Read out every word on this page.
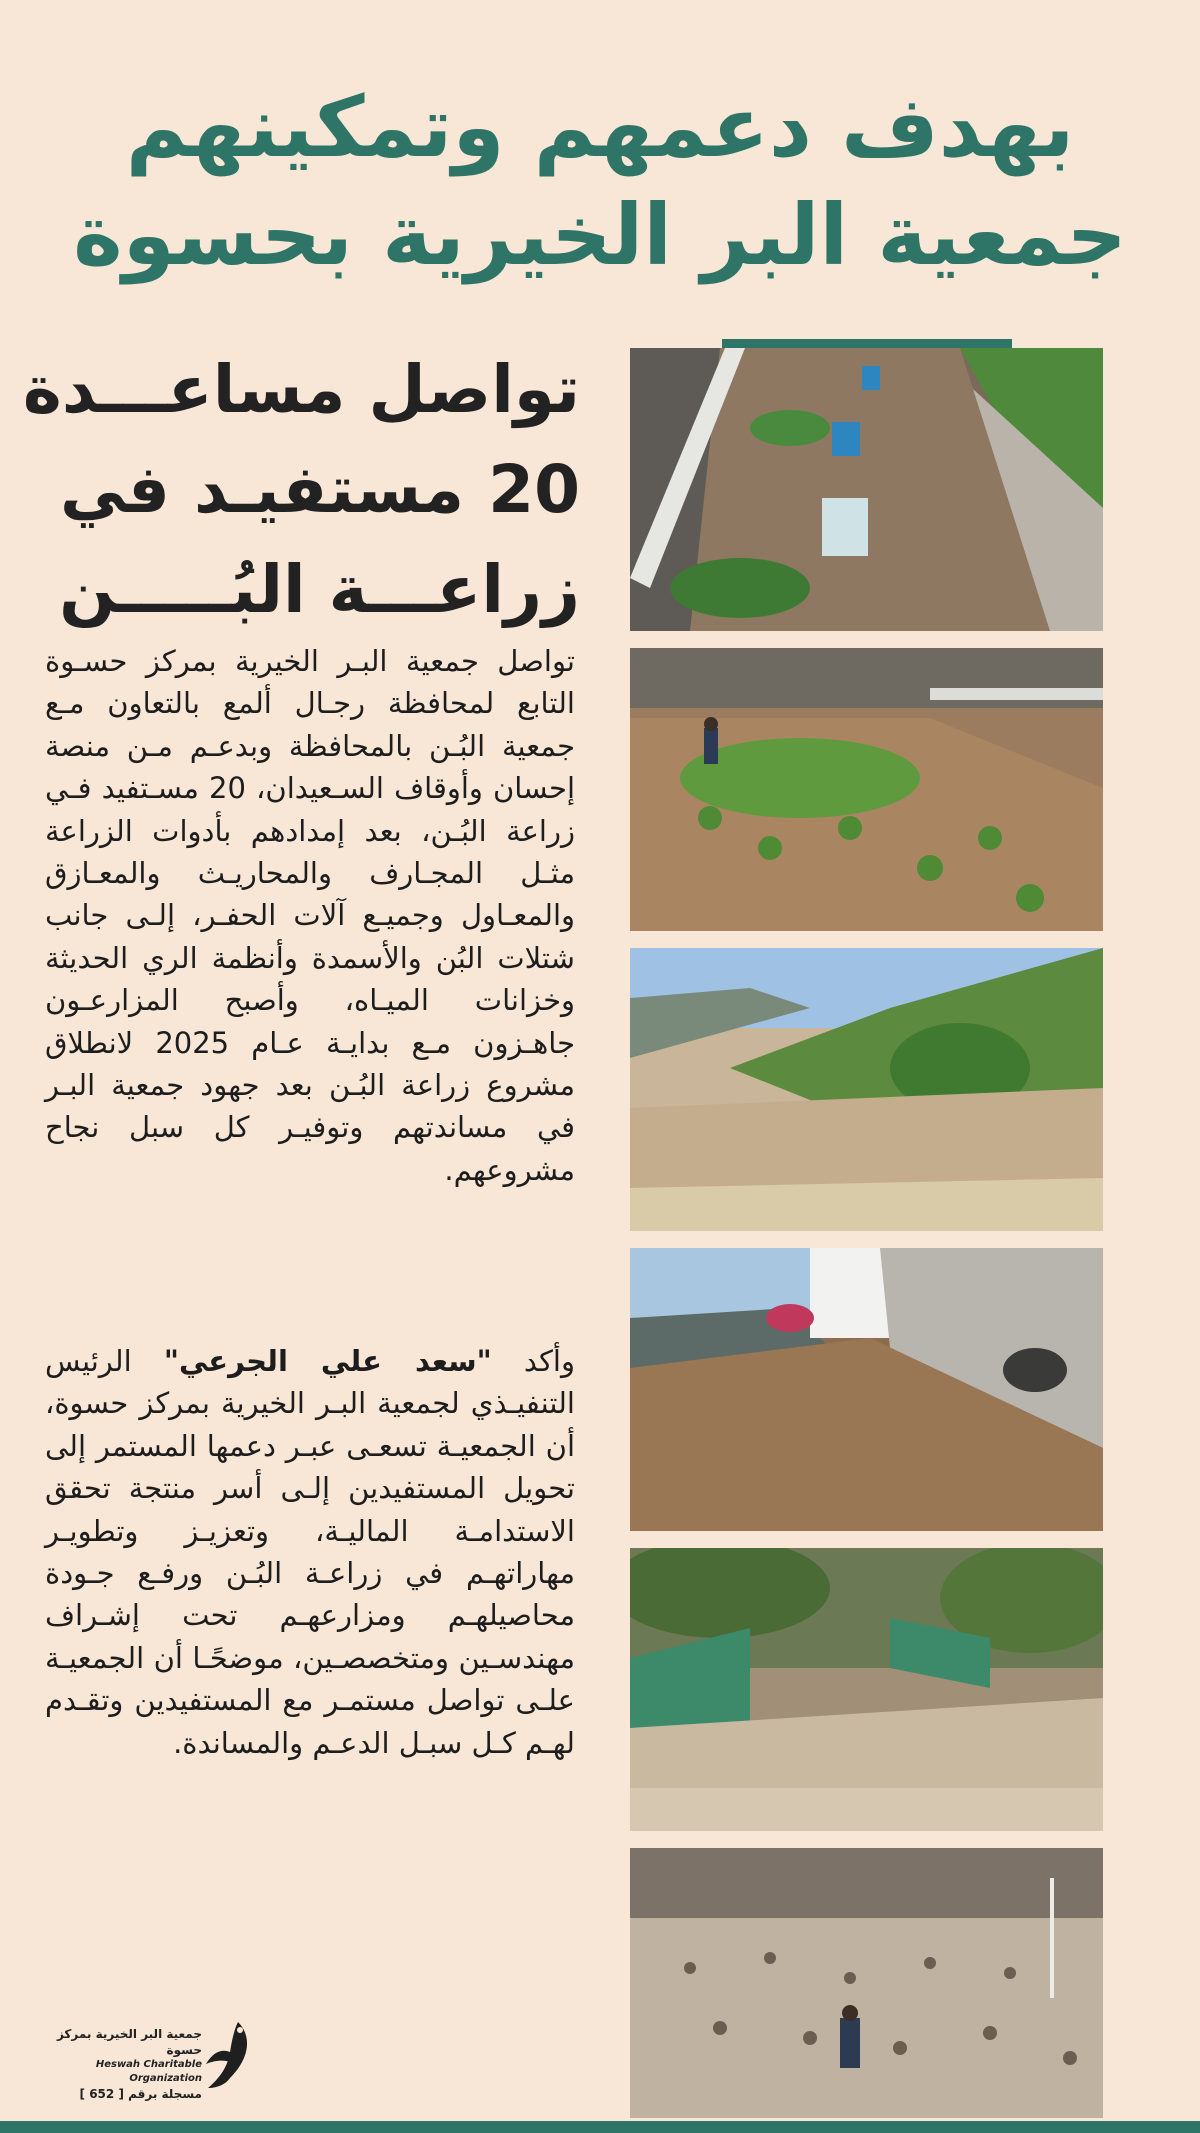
بهدف دعمهم وتمكينهم
جمعية البر الخيرية بحسوة
تواصل مساعـــدة
20 مستفيـد في
زراعـــة البُـــــن
تواصل جمعية البـر الخيرية بمركز حسـوة التابع لمحافظة رجـال ألمع بالتعاون مـع جمعية البُـن بالمحافظة وبدعـم مـن منصة إحسان وأوقاف السـعيدان، 20 مسـتفيد فـي زراعة البُـن، بعد إمدادهم بأدوات الزراعة مثـل المجـارف والمحاريـث والمعـازق والمعـاول وجميـع آلات الحفـر، إلـى جانب شتلات البُن والأسمدة وأنظمة الري الحديثة وخزانات الميـاه، وأصبح المزارعـون جاهـزون مـع بدايـة عـام 2025 لانطلاق مشروع زراعة البُـن بعد جهود جمعية البـر في مساندتهم وتوفيـر كل سبل نجاح مشروعهم.
وأكد "سعد علي الجرعي" الرئيس التنفيـذي لجمعية البـر الخيرية بمركز حسوة، أن الجمعيـة تسعـى عبـر دعمها المستمر إلى تحويل المستفيدين إلـى أسر منتجة تحقق الاستدامـة الماليـة، وتعزيـز وتطويـر مهاراتهـم في زراعـة البُـن ورفـع جـودة محاصيلهـم ومزارعهـم تحت إشـراف مهندسـين ومتخصصـين، موضحًـا أن الجمعيـة علـى تواصل مستمـر مع المستفيدين وتقـدم لهـم كـل سبـل الدعـم والمساندة.
جمعية البر الخيرية بمركز حسوة
Heswah Charitable Organization
مسجلة برقم [ 652 ]
